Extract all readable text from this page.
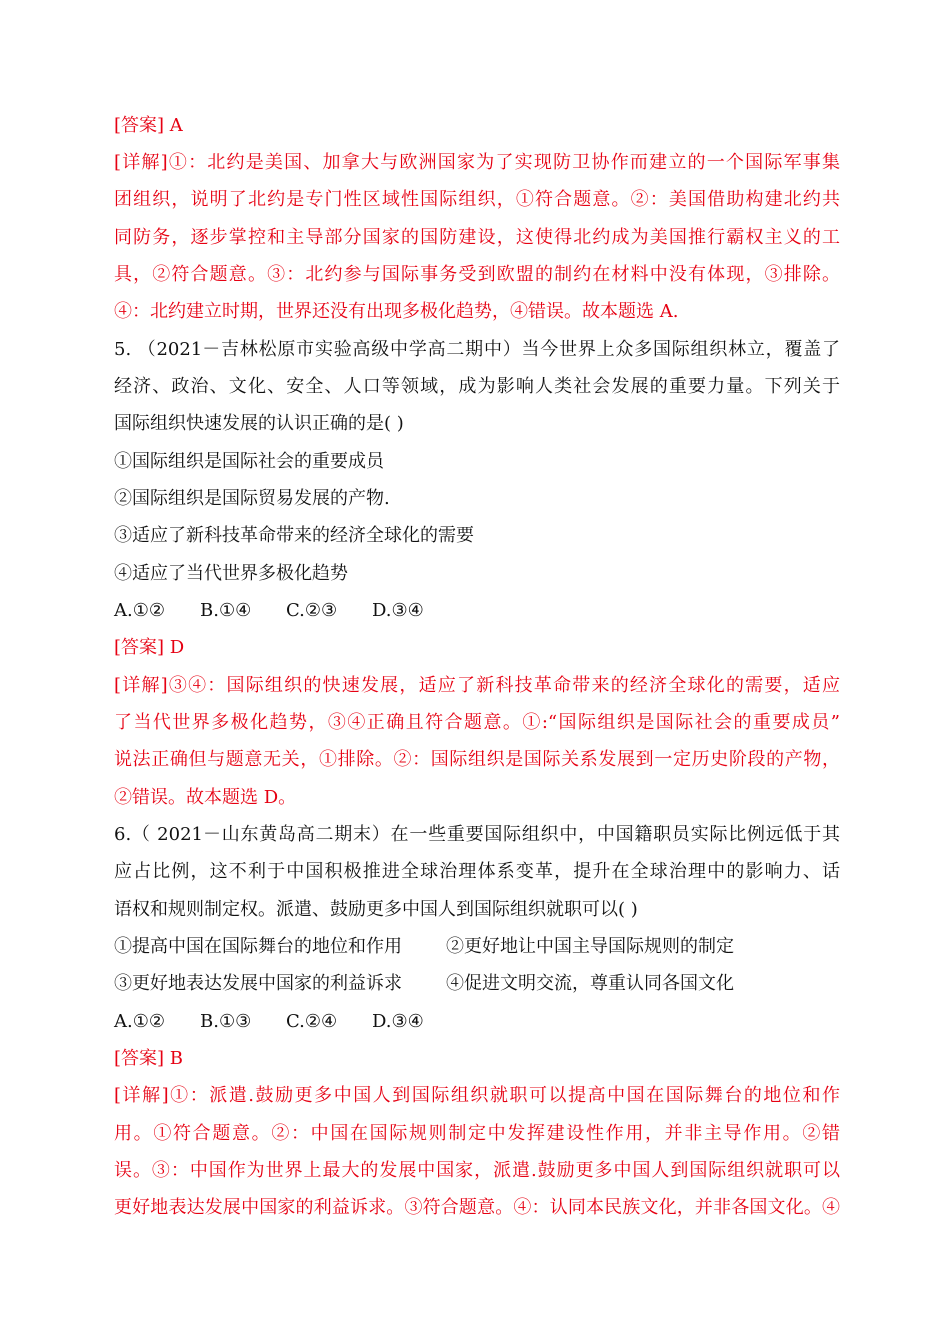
[答案] A
[详解]①：北约是美国、加拿大与欧洲国家为了实现防卫协作而建立的一个国际军事集
团组织，说明了北约是专门性区域性国际组织，①符合题意。②：美国借助构建北约共
同防务，逐步掌控和主导部分国家的国防建设，这使得北约成为美国推行霸权主义的工
具，②符合题意。③：北约参与国际事务受到欧盟的制约在材料中没有体现，③排除。
④：北约建立时期，世界还没有出现多极化趋势，④错误。故本题选 A.
5. （2021－吉林松原市实验高级中学高二期中）当今世界上众多国际组织林立，覆盖了
经济、政治、文化、安全、人口等领域，成为影响人类社会发展的重要力量。下列关于
国际组织快速发展的认识正确的是( )
①国际组织是国际社会的重要成员
②国际组织是国际贸易发展的产物.
③适应了新科技革命带来的经济全球化的需要
④适应了当代世界多极化趋势
A.①② B.①④ C.②③ D.③④
[答案] D
[详解]③④：国际组织的快速发展，适应了新科技革命带来的经济全球化的需要，适应
了当代世界多极化趋势，③④正确且符合题意。①:“国际组织是国际社会的重要成员”
说法正确但与题意无关，①排除。②：国际组织是国际关系发展到一定历史阶段的产物，
②错误。故本题选 D。
6.（ 2021－山东黄岛高二期末）在一些重要国际组织中，中国籍职员实际比例远低于其
应占比例，这不利于中国积极推进全球治理体系变革，提升在全球治理中的影响力、话
语权和规则制定权。派遣、鼓励更多中国人到国际组织就职可以( )
①提高中国在国际舞台的地位和作用 ②更好地让中国主导国际规则的制定
③更好地表达发展中国家的利益诉求 ④促进文明交流，尊重认同各国文化
A.①② B.①③ C.②④ D.③④
[答案] B
[详解]①：派遣.鼓励更多中国人到国际组织就职可以提高中国在国际舞台的地位和作
用。①符合题意。②：中国在国际规则制定中发挥建设性作用，并非主导作用。②错
误。③：中国作为世界上最大的发展中国家，派遣.鼓励更多中国人到国际组织就职可以
更好地表达发展中国家的利益诉求。③符合题意。④：认同本民族文化，并非各国文化。④
